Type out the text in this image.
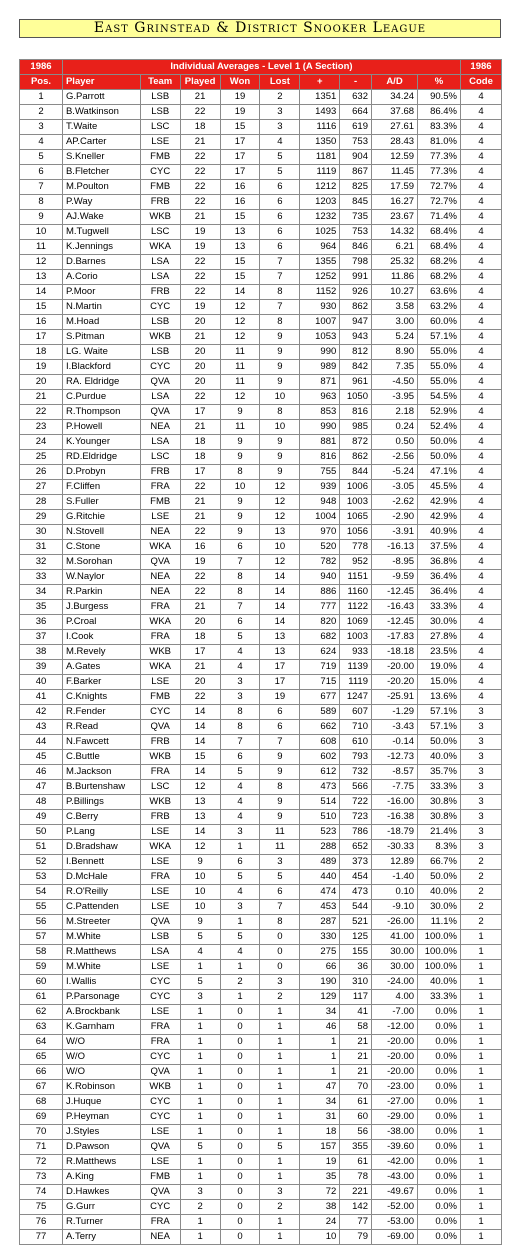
East Grinstead & District Snooker League
1986	Individual Averages - Level 1 (A Section)									1986
Pos.	Player	Team	Played	Won	Lost	+	-	A/D	%	Code
1	G.Parrott	LSB	21	19	2	1351	632	34.24	90.5%	4
2	B.Watkinson	LSB	22	19	3	1493	664	37.68	86.4%	4
3	T.Waite	LSC	18	15	3	1116	619	27.61	83.3%	4
4	AP.Carter	LSE	21	17	4	1350	753	28.43	81.0%	4
5	S.Kneller	FMB	22	17	5	1181	904	12.59	77.3%	4
6	B.Fletcher	CYC	22	17	5	1119	867	11.45	77.3%	4
7	M.Poulton	FMB	22	16	6	1212	825	17.59	72.7%	4
8	P.Way	FRB	22	16	6	1203	845	16.27	72.7%	4
9	AJ.Wake	WKB	21	15	6	1232	735	23.67	71.4%	4
10	M.Tugwell	LSC	19	13	6	1025	753	14.32	68.4%	4
11	K.Jennings	WKA	19	13	6	964	846	6.21	68.4%	4
12	D.Barnes	LSA	22	15	7	1355	798	25.32	68.2%	4
13	A.Corio	LSA	22	15	7	1252	991	11.86	68.2%	4
14	P.Moor	FRB	22	14	8	1152	926	10.27	63.6%	4
15	N.Martin	CYC	19	12	7	930	862	3.58	63.2%	4
16	M.Hoad	LSB	20	12	8	1007	947	3.00	60.0%	4
17	S.Pitman	WKB	21	12	9	1053	943	5.24	57.1%	4
18	LG. Waite	LSB	20	11	9	990	812	8.90	55.0%	4
19	I.Blackford	CYC	20	11	9	989	842	7.35	55.0%	4
20	RA. Eldridge	QVA	20	11	9	871	961	-4.50	55.0%	4
21	C.Purdue	LSA	22	12	10	963	1050	-3.95	54.5%	4
22	R.Thompson	QVA	17	9	8	853	816	2.18	52.9%	4
23	P.Howell	NEA	21	11	10	990	985	0.24	52.4%	4
24	K.Younger	LSA	18	9	9	881	872	0.50	50.0%	4
25	RD.Eldridge	LSC	18	9	9	816	862	-2.56	50.0%	4
26	D.Probyn	FRB	17	8	9	755	844	-5.24	47.1%	4
27	F.Cliffen	FRA	22	10	12	939	1006	-3.05	45.5%	4
28	S.Fuller	FMB	21	9	12	948	1003	-2.62	42.9%	4
29	G.Ritchie	LSE	21	9	12	1004	1065	-2.90	42.9%	4
30	N.Stovell	NEA	22	9	13	970	1056	-3.91	40.9%	4
31	C.Stone	WKA	16	6	10	520	778	-16.13	37.5%	4
32	M.Sorohan	QVA	19	7	12	782	952	-8.95	36.8%	4
33	W.Naylor	NEA	22	8	14	940	1151	-9.59	36.4%	4
34	R.Parkin	NEA	22	8	14	886	1160	-12.45	36.4%	4
35	J.Burgess	FRA	21	7	14	777	1122	-16.43	33.3%	4
36	P.Croal	WKA	20	6	14	820	1069	-12.45	30.0%	4
37	I.Cook	FRA	18	5	13	682	1003	-17.83	27.8%	4
38	M.Revely	WKB	17	4	13	624	933	-18.18	23.5%	4
39	A.Gates	WKA	21	4	17	719	1139	-20.00	19.0%	4
40	F.Barker	LSE	20	3	17	715	1119	-20.20	15.0%	4
41	C.Knights	FMB	22	3	19	677	1247	-25.91	13.6%	4
42	R.Fender	CYC	14	8	6	589	607	-1.29	57.1%	3
43	R.Read	QVA	14	8	6	662	710	-3.43	57.1%	3
44	N.Fawcett	FRB	14	7	7	608	610	-0.14	50.0%	3
45	C.Buttle	WKB	15	6	9	602	793	-12.73	40.0%	3
46	M.Jackson	FRA	14	5	9	612	732	-8.57	35.7%	3
47	B.Burtenshaw	LSC	12	4	8	473	566	-7.75	33.3%	3
48	P.Billings	WKB	13	4	9	514	722	-16.00	30.8%	3
49	C.Berry	FRB	13	4	9	510	723	-16.38	30.8%	3
50	P.Lang	LSE	14	3	11	523	786	-18.79	21.4%	3
51	D.Bradshaw	WKA	12	1	11	288	652	-30.33	8.3%	3
52	I.Bennett	LSE	9	6	3	489	373	12.89	66.7%	2
53	D.McHale	FRA	10	5	5	440	454	-1.40	50.0%	2
54	R.O'Reilly	LSE	10	4	6	474	473	0.10	40.0%	2
55	C.Pattenden	LSE	10	3	7	453	544	-9.10	30.0%	2
56	M.Streeter	QVA	9	1	8	287	521	-26.00	11.1%	2
57	M.White	LSB	5	5	0	330	125	41.00	100.0%	1
58	R.Matthews	LSA	4	4	0	275	155	30.00	100.0%	1
59	M.White	LSE	1	1	0	66	36	30.00	100.0%	1
60	I.Wallis	CYC	5	2	3	190	310	-24.00	40.0%	1
61	P.Parsonage	CYC	3	1	2	129	117	4.00	33.3%	1
62	A.Brockbank	LSE	1	0	1	34	41	-7.00	0.0%	1
63	K.Garnham	FRA	1	0	1	46	58	-12.00	0.0%	1
64	W/O	FRA	1	0	1	1	21	-20.00	0.0%	1
65	W/O	CYC	1	0	1	1	21	-20.00	0.0%	1
66	W/O	QVA	1	0	1	1	21	-20.00	0.0%	1
67	K.Robinson	WKB	1	0	1	47	70	-23.00	0.0%	1
68	J.Huque	CYC	1	0	1	34	61	-27.00	0.0%	1
69	P.Heyman	CYC	1	0	1	31	60	-29.00	0.0%	1
70	J.Styles	LSE	1	0	1	18	56	-38.00	0.0%	1
71	D.Pawson	QVA	5	0	5	157	355	-39.60	0.0%	1
72	R.Matthews	LSE	1	0	1	19	61	-42.00	0.0%	1
73	A.King	FMB	1	0	1	35	78	-43.00	0.0%	1
74	D.Hawkes	QVA	3	0	3	72	221	-49.67	0.0%	1
75	G.Gurr	CYC	2	0	2	38	142	-52.00	0.0%	1
76	R.Turner	FRA	1	0	1	24	77	-53.00	0.0%	1
77	A.Terry	NEA	1	0	1	10	79	-69.00	0.0%	1
